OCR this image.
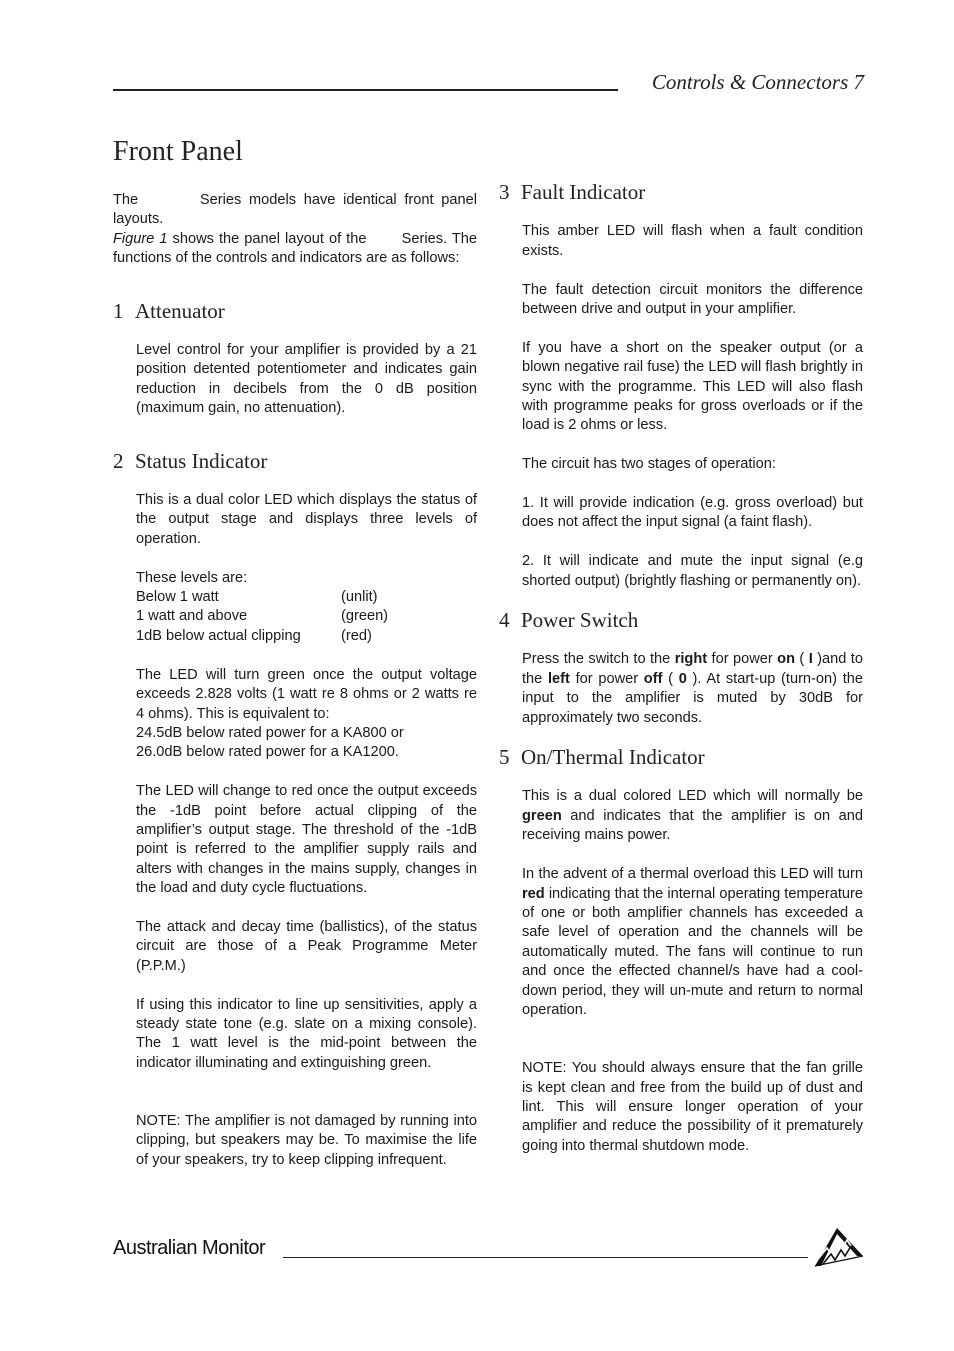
Controls & Connectors 7
Front Panel

The        Series models have identical front panel layouts.

Figure 1 shows the panel layout of the       Series. The functions of the controls and indicators are as follows:

1 Attenuator

Level control for your amplifier is provided by a 21 position detented potentiometer and indicates gain reduction in decibels from the 0 dB position (maximum gain, no attenuation).

2 Status Indicator

This is a dual color LED which displays the status of the output stage and displays three levels of operation.

These levels are:

Below 1 watt	(unlit)
1 watt and above	(green)
1dB below actual clipping	(red)

The LED will turn green once the output voltage exceeds 2.828 volts (1 watt re 8 ohms or 2 watts re 4 ohms). This is equivalent to:

24.5dB below rated power for a KA800 or

26.0dB below rated power for a KA1200.

The LED will change to red once the output exceeds the -1dB point before actual clipping of the amplifier’s output stage. The threshold of the -1dB point is referred to the amplifier supply rails and alters with changes in the mains supply, changes in the load and duty cycle fluctuations.

The attack and decay time (ballistics), of the status circuit are those of a Peak Programme Meter (P.P.M.)

If using this indicator to line up sensitivities, apply a steady state tone (e.g. slate on a mixing console). The 1 watt level is the mid-point between the indicator illuminating and extinguishing green.

NOTE: The amplifier is not damaged by running into clipping, but speakers may be. To maximise the life of your speakers, try to keep clipping infrequent.

3 Fault Indicator

This amber LED will flash when a fault condition exists.

The fault detection circuit monitors the difference between drive and output in your amplifier.

If you have a short on the speaker output (or a blown negative rail fuse) the LED will flash brightly in sync with the programme. This LED will also flash with programme peaks for gross overloads or if the load is 2 ohms or less.

The circuit has two stages of operation:

1. It will provide indication (e.g. gross overload) but does not affect the input signal (a faint flash).

2. It will indicate and mute the input signal (e.g shorted output) (brightly flashing or permanently on).

4 Power Switch

Press the switch to the right for power on ( I )and to the left for power off ( 0 ). At start-up (turn-on) the input to the amplifier is muted by 30dB for approximately two seconds.

5 On/Thermal Indicator

This is a dual colored LED which will normally be green and indicates that the amplifier is on and receiving mains power.

In the advent of a thermal overload this LED will turn  red indicating that the internal operating temperature of one or both amplifier channels has exceeded a safe level of operation and the channels will be automatically muted. The fans will continue to run and once the effected channel/s have had a cool-down period, they will un-mute and return to normal operation.

NOTE: You should always ensure that the fan grille is kept clean and free from the build up of dust and lint. This will ensure longer operation of your amplifier and reduce the possibility of it prematurely going into thermal shutdown mode.

Australian Monitor
